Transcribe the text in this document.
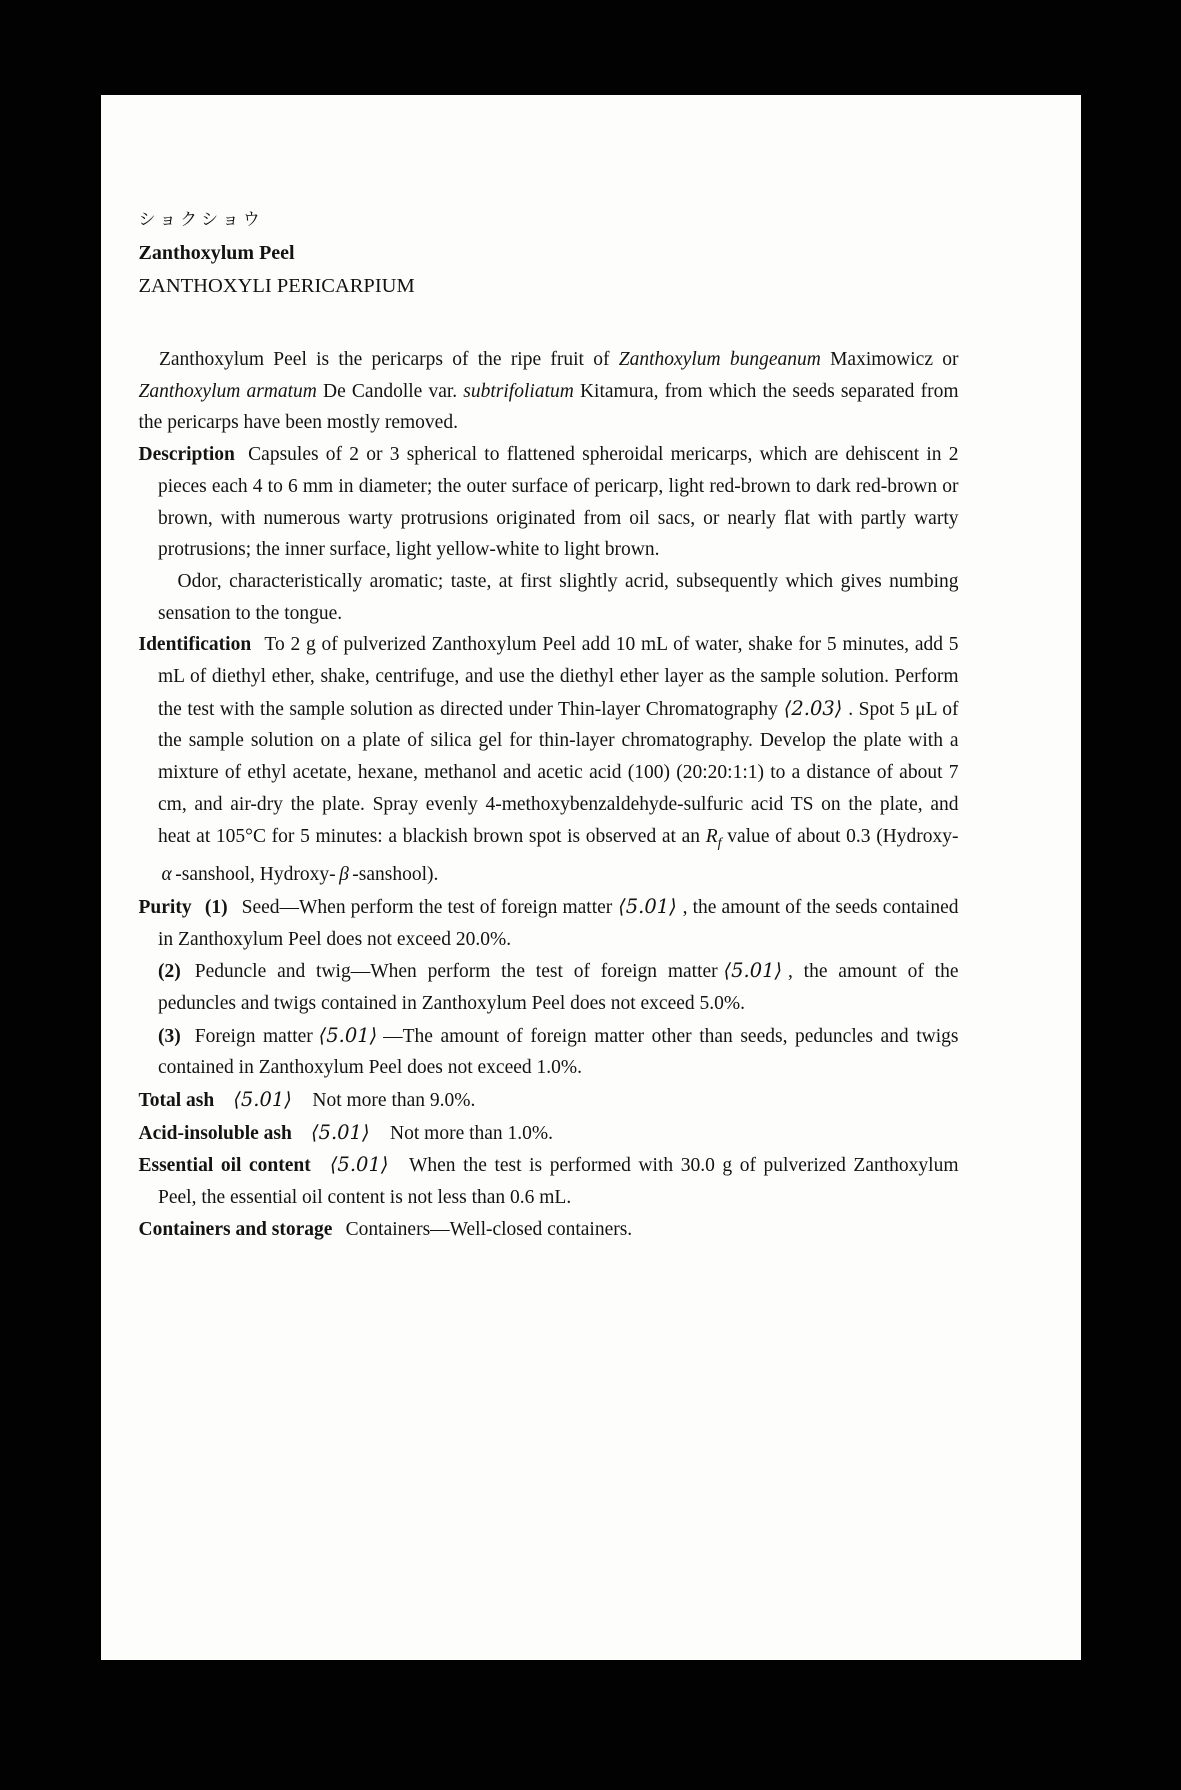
ショクショウ

Zanthoxylum Peel

ZANTHOXYLI PERICARPIUM

Zanthoxylum Peel is the pericarps of the ripe fruit of Zanthoxylum bungeanum Maximowicz or Zanthoxylum armatum De Candolle var. subtrifoliatum Kitamura, from which the seeds separated from the pericarps have been mostly removed.

Description Capsules of 2 or 3 spherical to flattened spheroidal mericarps, which are dehiscent in 2 pieces each 4 to 6 mm in diameter; the outer surface of pericarp, light red-brown to dark red-brown or brown, with numerous warty protrusions originated from oil sacs, or nearly flat with partly warty protrusions; the inner surface, light yellow-white to light brown.

Odor, characteristically aromatic; taste, at first slightly acrid, subsequently which gives numbing sensation to the tongue.

Identification To 2 g of pulverized Zanthoxylum Peel add 10 mL of water, shake for 5 minutes, add 5 mL of diethyl ether, shake, centrifuge, and use the diethyl ether layer as the sample solution. Perform the test with the sample solution as directed under Thin-layer Chromatography ⟨2.03⟩ . Spot 5 μL of the sample solution on a plate of silica gel for thin-layer chromatography. Develop the plate with a mixture of ethyl acetate, hexane, methanol and acetic acid (100) (20:20:1:1) to a distance of about 7 cm, and air-dry the plate. Spray evenly 4-methoxybenzaldehyde-sulfuric acid TS on the plate, and heat at 105°C for 5 minutes: a blackish brown spot is observed at an $R_f$ value of about 0.3 (Hydroxy-α -sanshool, Hydroxy- β -sanshool).

Purity (1) Seed—When perform the test of foreign matter ⟨5.01⟩ , the amount of the seeds contained in Zanthoxylum Peel does not exceed 20.0%.

(2) Peduncle and twig—When perform the test of foreign matter ⟨5.01⟩ , the amount of the peduncles and twigs contained in Zanthoxylum Peel does not exceed 5.0%.

(3) Foreign matter ⟨5.01⟩ —The amount of foreign matter other than seeds, peduncles and twigs contained in Zanthoxylum Peel does not exceed 1.0%.

Total ash ⟨5.01⟩ Not more than 9.0%.

Acid-insoluble ash ⟨5.01⟩ Not more than 1.0%.

Essential oil content ⟨5.01⟩ When the test is performed with 30.0 g of pulverized Zanthoxylum Peel, the essential oil content is not less than 0.6 mL.

Containers and storage Containers—Well-closed containers.
